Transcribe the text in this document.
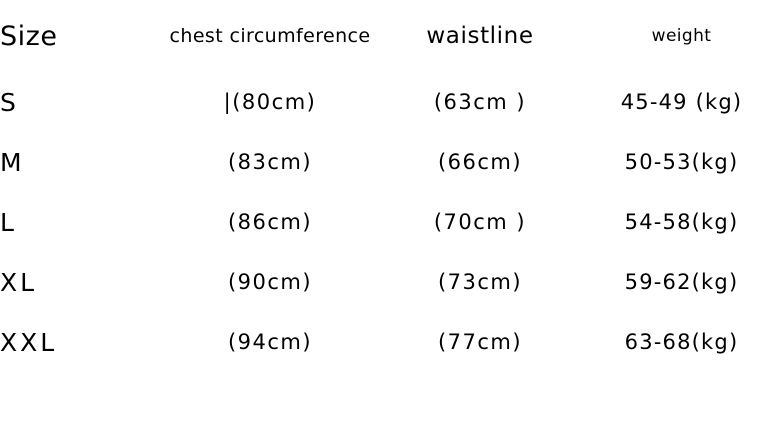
Size	chest circumference	waistline	weight
S	|(80cm)	(63cm )	45-49 (kg)
M	(83cm)	(66cm)	50-53(kg)
L	(86cm)	(70cm )	54-58(kg)
XL	(90cm)	(73cm)	59-62(kg)
XXL	(94cm)	(77cm)	63-68(kg)
